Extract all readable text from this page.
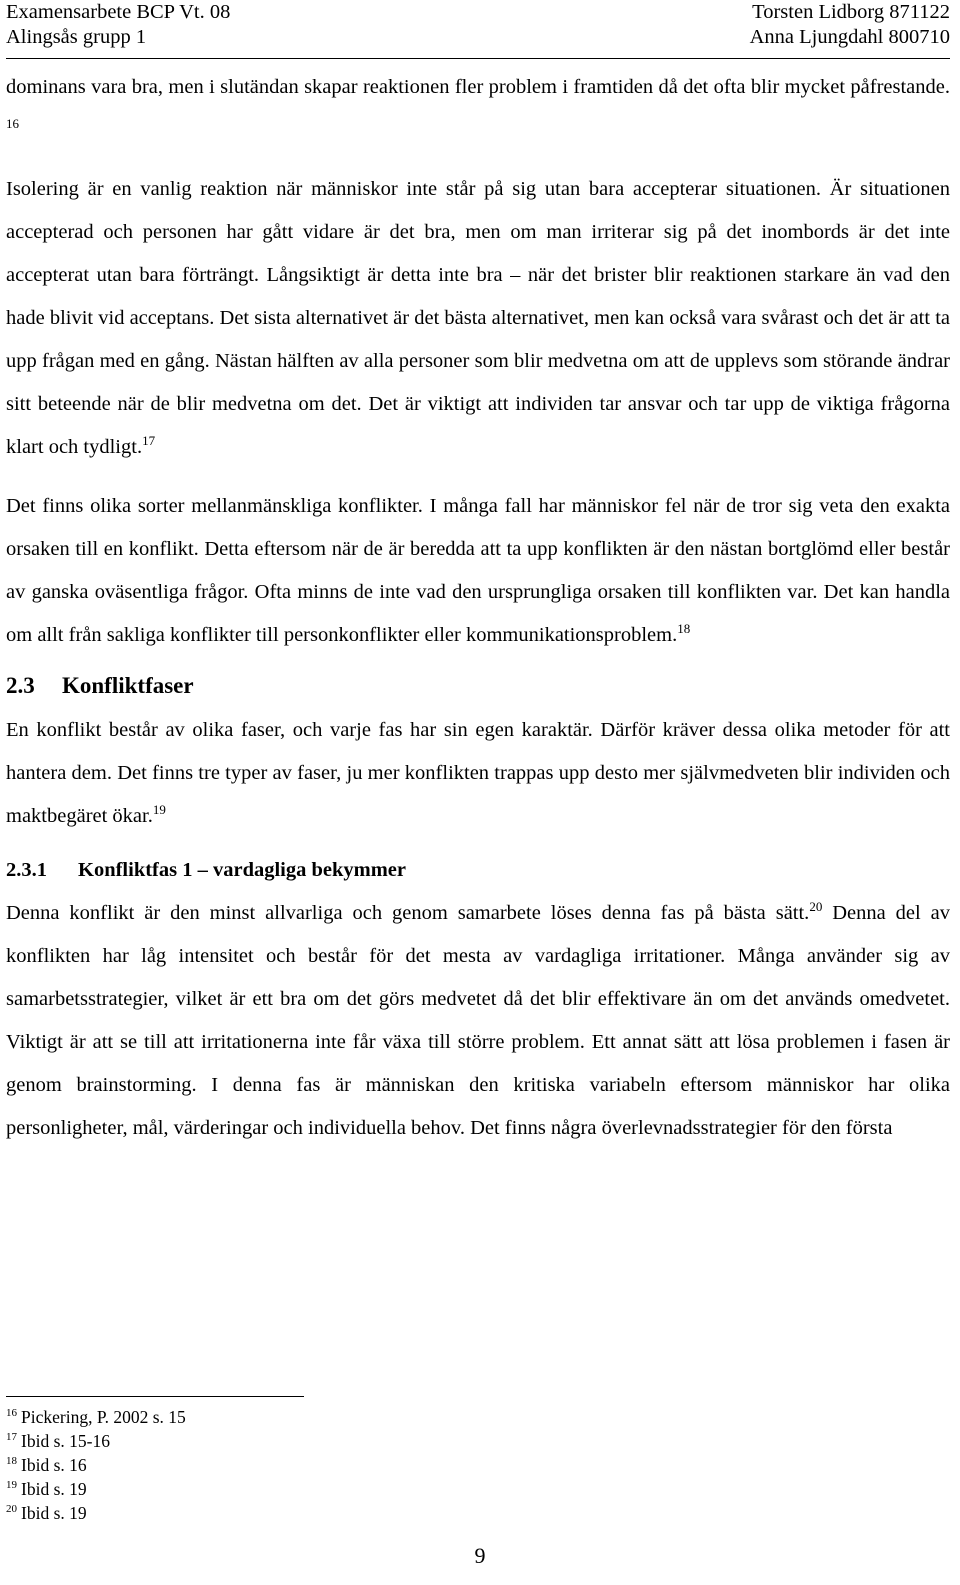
Examensarbete BCP Vt. 08	Torsten Lidborg 871122
Alingsås grupp 1	Anna Ljungdahl 800710

dominans vara bra, men i slutändan skapar reaktionen fler problem i framtiden då det ofta blir mycket påfrestande. $^{16}$

Isolering är en vanlig reaktion när människor inte står på sig utan bara accepterar situationen. Är situationen accepterad och personen har gått vidare är det bra, men om man irriterar sig på det inombords är det inte accepterat utan bara förträngt. Långsiktigt är detta inte bra – när det brister blir reaktionen starkare än vad den hade blivit vid acceptans. Det sista alternativet är det bästa alternativet, men kan också vara svårast och det är att ta upp frågan med en gång. Nästan hälften av alla personer som blir medvetna om att de upplevs som störande ändrar sitt beteende när de blir medvetna om det. Det är viktigt att individen tar ansvar och tar upp de viktiga frågorna klart och tydligt.$^{17}$

Det finns olika sorter mellanmänskliga konflikter. I många fall har människor fel när de tror sig veta den exakta orsaken till en konflikt. Detta eftersom när de är beredda att ta upp konflikten är den nästan bortglömd eller består av ganska oväsentliga frågor. Ofta minns de inte vad den ursprungliga orsaken till konflikten var. Det kan handla om allt från sakliga konflikter till personkonflikter eller kommunikationsproblem.$^{18}$

2.3 Konfliktfaser

En konflikt består av olika faser, och varje fas har sin egen karaktär. Därför kräver dessa olika metoder för att hantera dem. Det finns tre typer av faser, ju mer konflikten trappas upp desto mer självmedveten blir individen och maktbegäret ökar.$^{19}$

2.3.1 Konfliktfas 1 – vardagliga bekymmer

Denna konflikt är den minst allvarliga och genom samarbete löses denna fas på bästa sätt.$^{20}$ Denna del av konflikten har låg intensitet och består för det mesta av vardagliga irritationer. Många använder sig av samarbetsstrategier, vilket är ett bra om det görs medvetet då det blir effektivare än om det används omedvetet. Viktigt är att se till att irritationerna inte får växa till större problem. Ett annat sätt att lösa problemen i fasen är genom brainstorming. I denna fas är människan den kritiska variabeln eftersom människor har olika personligheter, mål, värderingar och individuella behov. Det finns några överlevnadsstrategier för den första

$^{16}$ Pickering, P. 2002 s. 15
$^{17}$ Ibid s. 15-16
$^{18}$ Ibid s. 16
$^{19}$ Ibid s. 19
$^{20}$ Ibid s. 19
9
